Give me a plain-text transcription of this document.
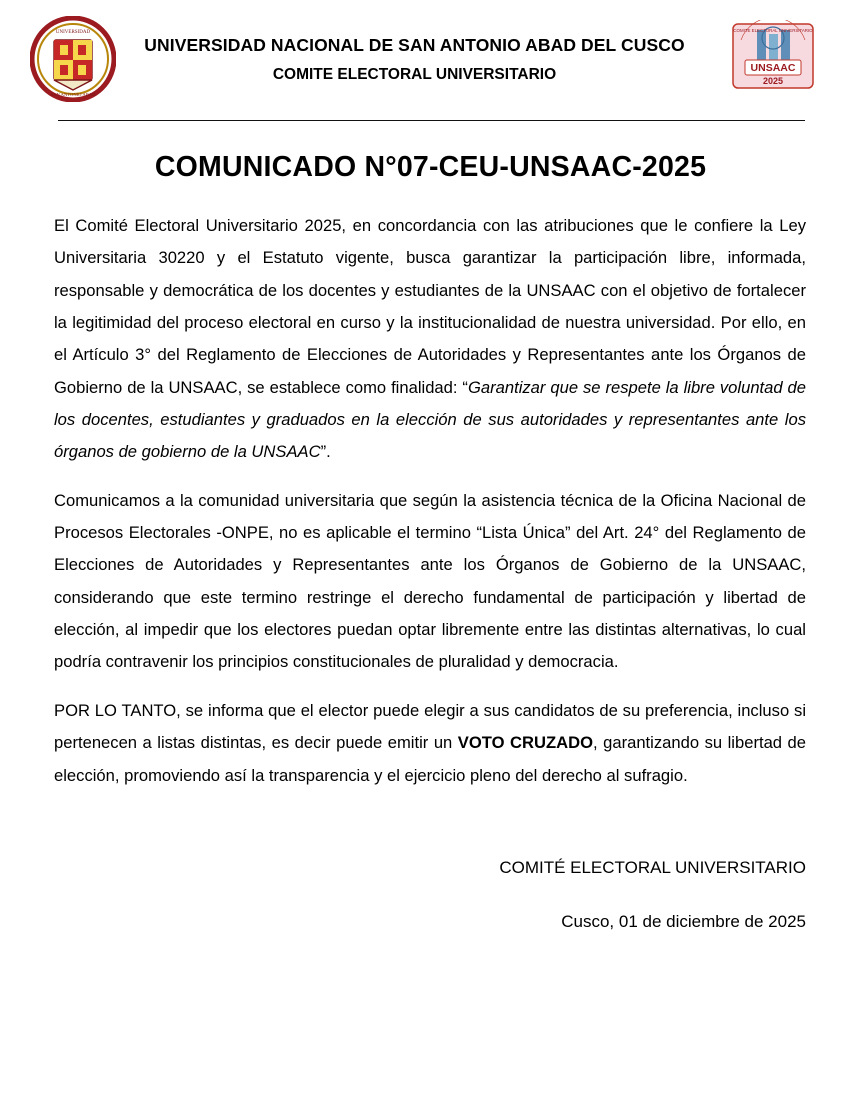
UNIVERSIDAD
SAN ANTONIO ABAD
UNIVERSIDAD NACIONAL DE SAN ANTONIO ABAD DEL CUSCO
COMITE ELECTORAL UNIVERSITARIO
COMITE ELECTORAL UNIVERSITARIO
UNSAAC
2025
COMUNICADO N°07-CEU-UNSAAC-2025

El Comité Electoral Universitario 2025, en concordancia con las atribuciones que le confiere la Ley Universitaria 30220 y el Estatuto vigente, busca garantizar la participación libre, informada, responsable y democrática de los docentes y estudiantes de la UNSAAC con el objetivo de fortalecer la legitimidad del proceso electoral en curso y la institucionalidad de nuestra universidad. Por ello, en el Artículo 3° del Reglamento de Elecciones de Autoridades y Representantes ante los Órganos de Gobierno de la UNSAAC, se establece como finalidad: “Garantizar que se respete la libre voluntad de los docentes, estudiantes y graduados en la elección de sus autoridades y representantes ante los órganos de gobierno de la UNSAAC”.

Comunicamos a la comunidad universitaria que según la asistencia técnica de la Oficina Nacional de Procesos Electorales -ONPE, no es aplicable el termino “Lista Única” del Art. 24° del Reglamento de Elecciones de Autoridades y Representantes ante los Órganos de Gobierno de la UNSAAC, considerando que este termino restringe el derecho fundamental de participación y libertad de elección, al impedir que los electores puedan optar libremente entre las distintas alternativas, lo cual podría contravenir los principios constitucionales de pluralidad y democracia.

POR LO TANTO, se informa que el elector puede elegir a sus candidatos de su preferencia, incluso si pertenecen a listas distintas, es decir puede emitir un VOTO CRUZADO, garantizando su libertad de elección, promoviendo así la transparencia y el ejercicio pleno del derecho al sufragio.

COMITÉ ELECTORAL UNIVERSITARIO
Cusco, 01 de diciembre de 2025
